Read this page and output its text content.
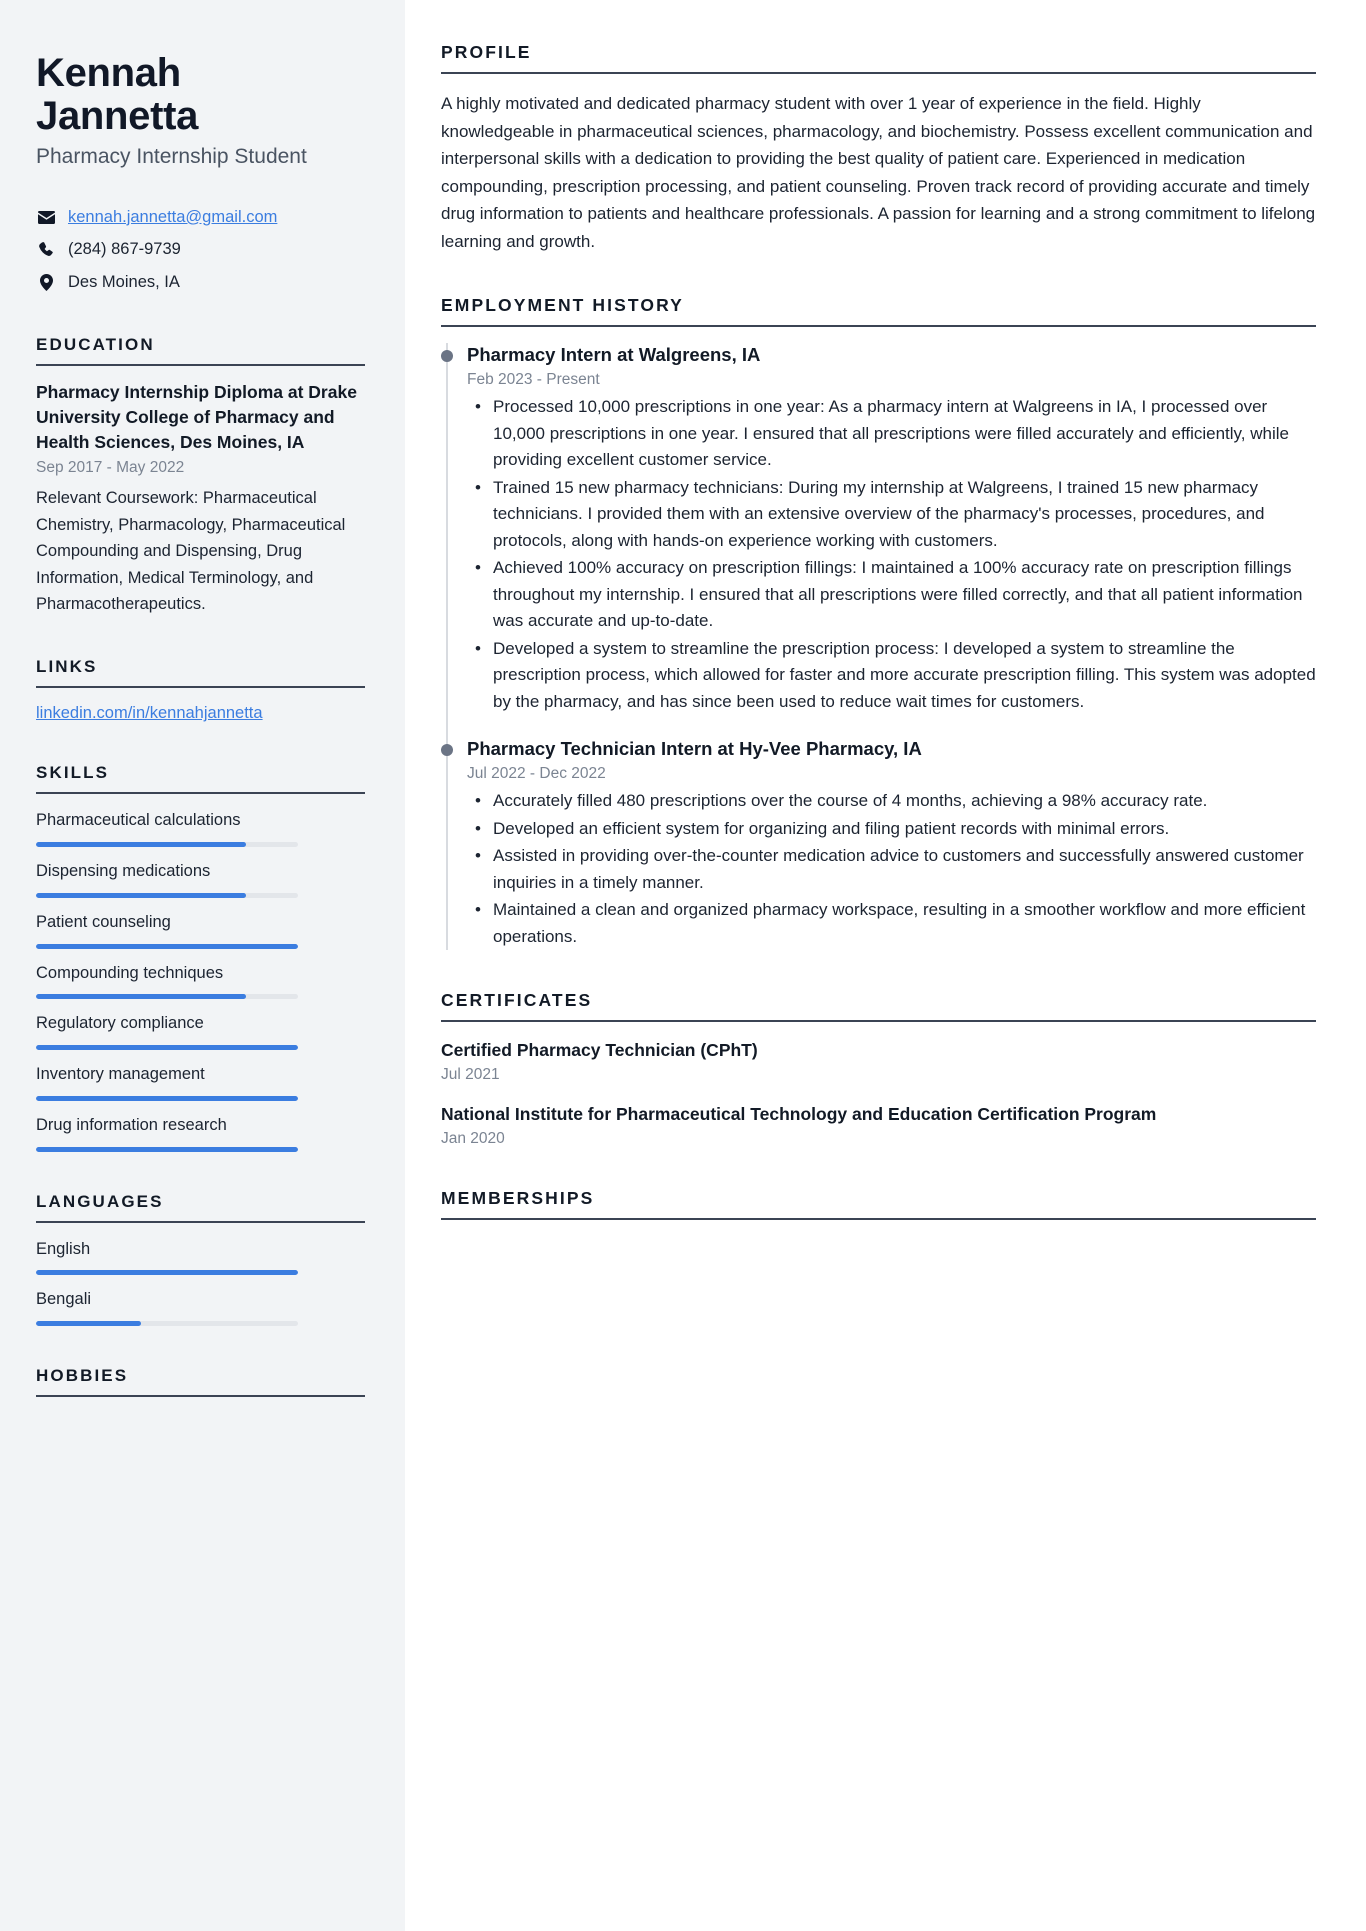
Kennah
Jannetta
Pharmacy Internship Student
kennah.jannetta@gmail.com
(284) 867-9739
Des Moines, IA
EDUCATION
Pharmacy Internship Diploma at Drake University College of Pharmacy and Health Sciences, Des Moines, IA
Sep 2017 - May 2022
Relevant Coursework: Pharmaceutical Chemistry, Pharmacology, Pharmaceutical Compounding and Dispensing, Drug Information, Medical Terminology, and Pharmacotherapeutics.
LINKS
linkedin.com/in/kennahjannetta
SKILLS
Pharmaceutical calculations
Dispensing medications
Patient counseling
Compounding techniques
Regulatory compliance
Inventory management
Drug information research
LANGUAGES
English
Bengali
HOBBIES
PROFILE

A highly motivated and dedicated pharmacy student with over 1 year of experience in the field. Highly knowledgeable in pharmaceutical sciences, pharmacology, and biochemistry. Possess excellent communication and interpersonal skills with a dedication to providing the best quality of patient care. Experienced in medication compounding, prescription processing, and patient counseling. Proven track record of providing accurate and timely drug information to patients and healthcare professionals. A passion for learning and a strong commitment to lifelong learning and growth.

EMPLOYMENT HISTORY
Pharmacy Intern at Walgreens, IA
Feb 2023 - Present
• Processed 10,000 prescriptions in one year: As a pharmacy intern at Walgreens in IA, I processed over 10,000 prescriptions in one year. I ensured that all prescriptions were filled accurately and efficiently, while providing excellent customer service.
• Trained 15 new pharmacy technicians: During my internship at Walgreens, I trained 15 new pharmacy technicians. I provided them with an extensive overview of the pharmacy's processes, procedures, and protocols, along with hands-on experience working with customers.
• Achieved 100% accuracy on prescription fillings: I maintained a 100% accuracy rate on prescription fillings throughout my internship. I ensured that all prescriptions were filled correctly, and that all patient information was accurate and up-to-date.
• Developed a system to streamline the prescription process: I developed a system to streamline the prescription process, which allowed for faster and more accurate prescription filling. This system was adopted by the pharmacy, and has since been used to reduce wait times for customers.
Pharmacy Technician Intern at Hy-Vee Pharmacy, IA
Jul 2022 - Dec 2022
• Accurately filled 480 prescriptions over the course of 4 months, achieving a 98% accuracy rate.
• Developed an efficient system for organizing and filing patient records with minimal errors.
• Assisted in providing over-the-counter medication advice to customers and successfully answered customer inquiries in a timely manner.
• Maintained a clean and organized pharmacy workspace, resulting in a smoother workflow and more efficient operations.
CERTIFICATES
Certified Pharmacy Technician (CPhT)
Jul 2021
National Institute for Pharmaceutical Technology and Education Certification Program
Jan 2020
MEMBERSHIPS
